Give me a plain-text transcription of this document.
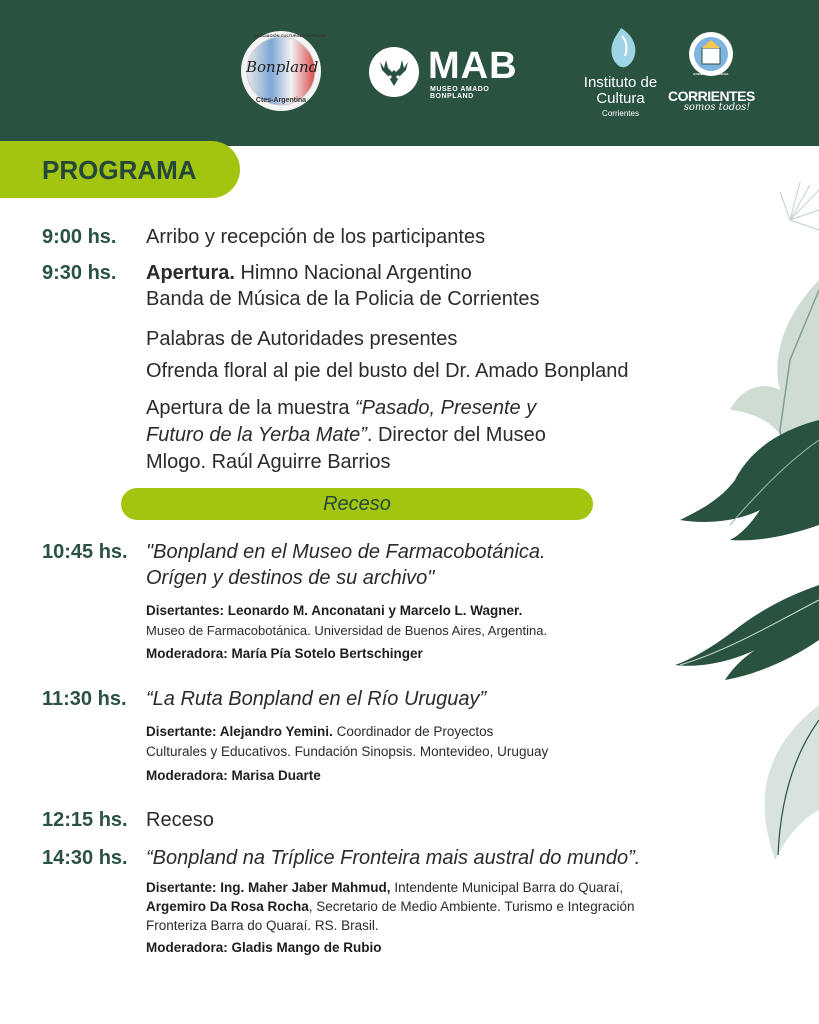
ASOCIACIÓN CULTURAL BONPLAND
Bonpland
Ctes-Argentina
MAB
MUSEO AMADO BONPLAND
Instituto de
Cultura
Corrientes
GOBIERNO PROVINCIAL
CORRIENTES
somos todos!
PROGRAMA
9:00 hs. Arribo y recepción de los participantes
9:30 hs. Apertura. Himno Nacional Argentino
Banda de Música de la Policia de Corrientes
Palabras de Autoridades presentes
Ofrenda floral al pie del busto del Dr. Amado Bonpland
Apertura de la muestra “Pasado, Presente y
Futuro de la Yerba Mate”. Director del Museo
Mlogo. Raúl Aguirre Barrios
Receso
10:45 hs. "Bonpland en el Museo de Farmacobotánica.
Orígen y destinos de su archivo"
Disertantes: Leonardo M. Anconatani y Marcelo L. Wagner.
Museo de Farmacobotánica. Universidad de Buenos Aires, Argentina.
Moderadora: María Pía Sotelo Bertschinger
11:30 hs. “La Ruta Bonpland en el Río Uruguay”
Disertante: Alejandro Yemini. Coordinador de Proyectos
Culturales y Educativos. Fundación Sinopsis. Montevideo, Uruguay
Moderadora: Marisa Duarte
12:15 hs. Receso
14:30 hs. “Bonpland na Tríplice Fronteira mais austral do mundo”.
Disertante: Ing. Maher Jaber Mahmud, Intendente Municipal Barra do Quaraí,
Argemiro Da Rosa Rocha, Secretario de Medio Ambiente. Turismo e Integración
Fronteriza Barra do Quaraí. RS. Brasil.
Moderadora: Gladis Mango de Rubio
